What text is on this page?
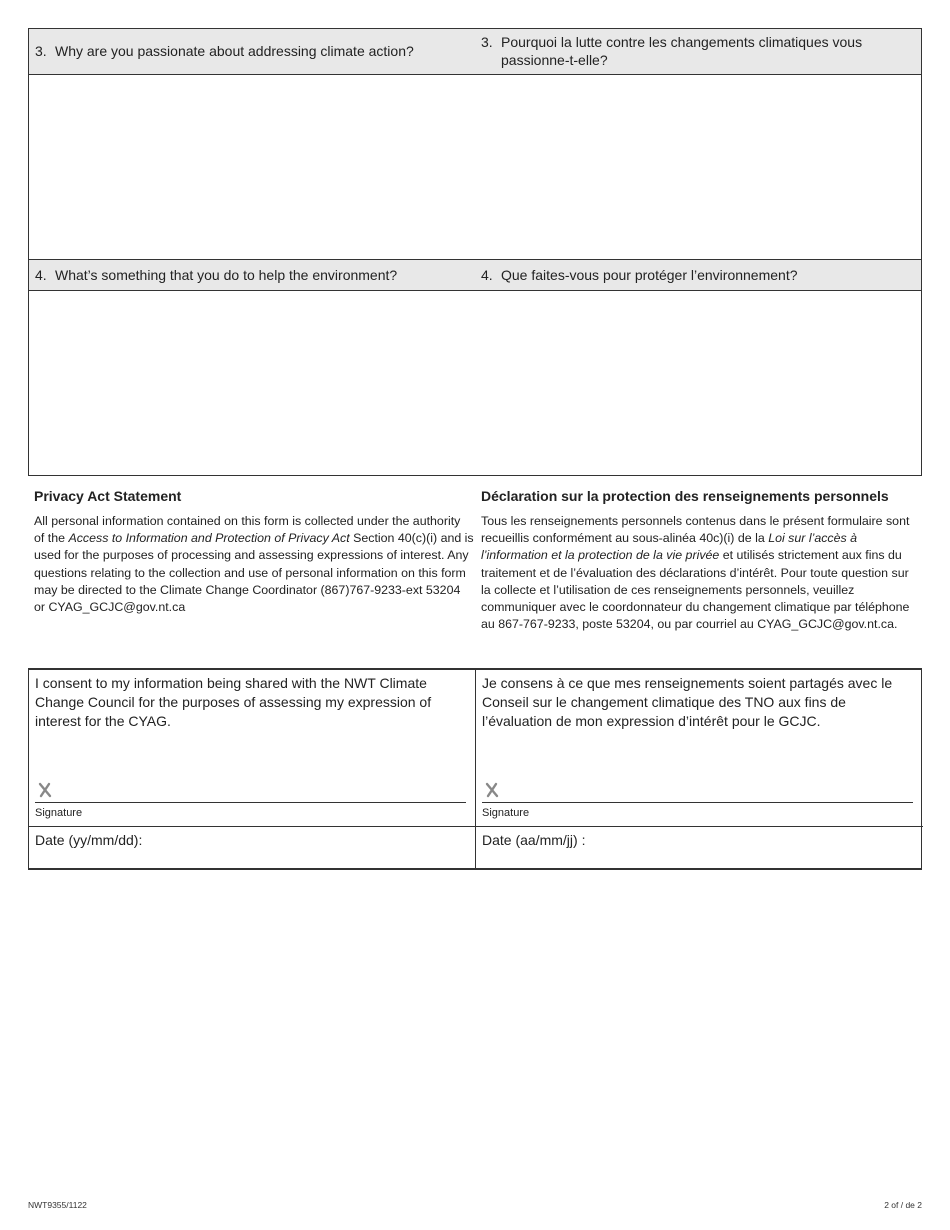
3. Why are you passionate about addressing climate action?
3. Pourquoi la lutte contre les changements climatiques vous
passionne-t-elle?
4. What’s something that you do to help the environment?	4. Que faites-vous pour protéger l’environnement?
Privacy Act Statement

All personal information contained on this form is collected under the authority of the Access to Information and Protection of Privacy Act Section 40(c)(i) and is used for the purposes of processing and assessing expressions of interest. Any questions relating to the collection and use of personal information on this form may be directed to the Climate Change Coordinator (867)767-9233-ext 53204 or CYAG_GCJC@gov.nt.ca

Déclaration sur la protection des renseignements personnels

Tous les renseignements personnels contenus dans le présent formulaire sont recueillis conformément au sous-alinéa 40c)(i) de la Loi sur l’accès à l’information et la protection de la vie privée et utilisés strictement aux fins du traitement et de l’évaluation des déclarations d’intérêt. Pour toute question sur la collecte et l’utilisation de ces renseignements personnels, veuillez communiquer avec le coordonnateur du changement climatique par téléphone au 867-767-9233, poste 53204, ou par courriel au CYAG_GCJC@gov.nt.ca.

I consent to my information being shared with the NWT Climate Change Council for the purposes of assessing my expression of interest for the CYAG.
Signature
Date (yy/mm/dd):
Je consens à ce que mes renseignements soient partagés avec le Conseil sur le changement climatique des TNO aux fins de l’évaluation de mon expression d’intérêt pour le GCJC.
Signature
Date (aa/mm/jj) :
NWT9355/1122	2 of / de 2
